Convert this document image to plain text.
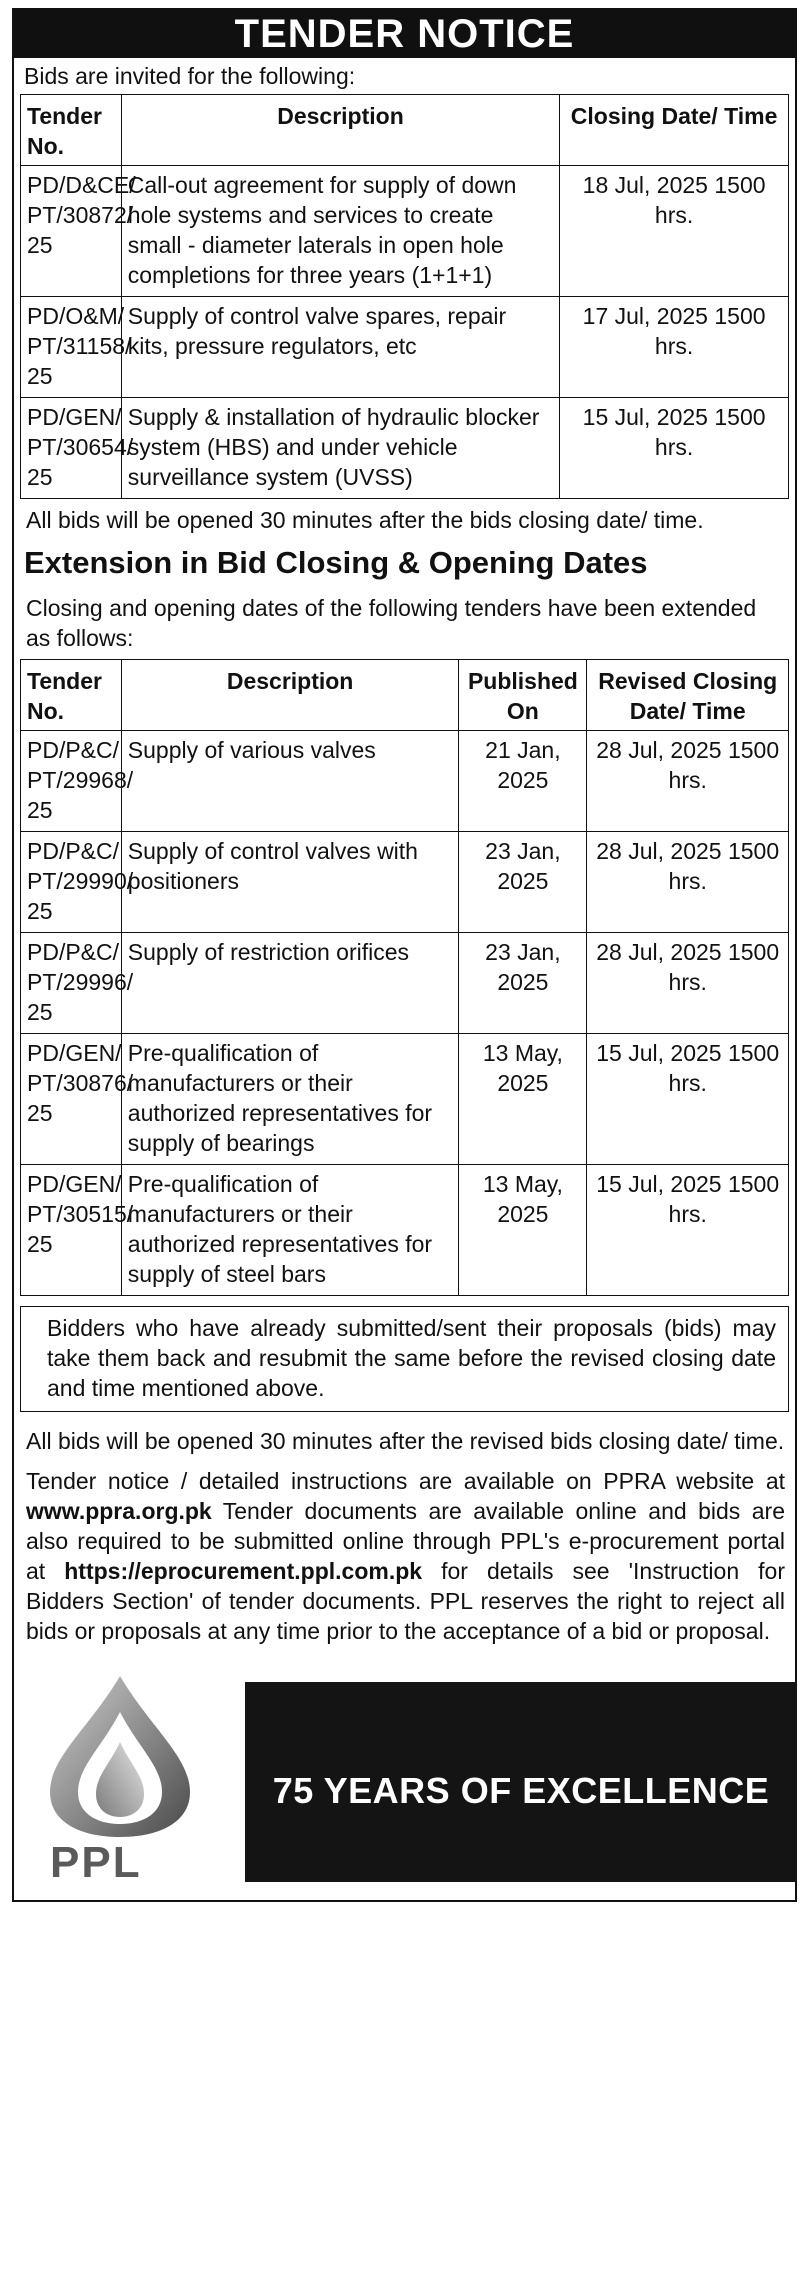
TENDER NOTICE
Bids are invited for the following:
Tender No.	Description	Closing Date/ Time
PD/D&CE/ PT/30872/ 25	Call-out agreement for supply of down hole systems and services to create small - diameter laterals in open hole completions for three years (1+1+1)	18 Jul, 2025 1500 hrs.
PD/O&M/ PT/31158/ 25	Supply of control valve spares, repair kits, pressure regulators, etc	17 Jul, 2025 1500 hrs.
PD/GEN/ PT/30654/ 25	Supply & installation of hydraulic blocker system (HBS) and under vehicle surveillance system (UVSS)	15 Jul, 2025 1500 hrs.
All bids will be opened 30 minutes after the bids closing date/ time.
Extension in Bid Closing & Opening Dates
Closing and opening dates of the following tenders have been extended as follows:
Tender No.	Description	Published On	Revised Closing Date/ Time
PD/P&C/ PT/29968/ 25	Supply of various valves	21 Jan, 2025	28 Jul, 2025 1500 hrs.
PD/P&C/ PT/29990/ 25	Supply of control valves with positioners	23 Jan, 2025	28 Jul, 2025 1500 hrs.
PD/P&C/ PT/29996/ 25	Supply of restriction orifices	23 Jan, 2025	28 Jul, 2025 1500 hrs.
PD/GEN/ PT/30876/ 25	Pre-qualification of manufacturers or their authorized representatives for supply of bearings	13 May, 2025	15 Jul, 2025 1500 hrs.
PD/GEN/ PT/30515/ 25	Pre-qualification of manufacturers or their authorized representatives for supply of steel bars	13 May, 2025	15 Jul, 2025 1500 hrs.
Bidders who have already submitted/sent their proposals (bids) may take them back and resubmit the same before the revised closing date and time mentioned above.
All bids will be opened 30 minutes after the revised bids closing date/ time.
Tender notice / detailed instructions are available on PPRA website at www.ppra.org.pk Tender documents are available online and bids are also required to be submitted online through PPL's e-procurement portal at https://eprocurement.ppl.com.pk for details see 'Instruction for Bidders Section' of tender documents. PPL reserves the right to reject all bids or proposals at any time prior to the acceptance of a bid or proposal.
PPL
75 YEARS OF EXCELLENCE
